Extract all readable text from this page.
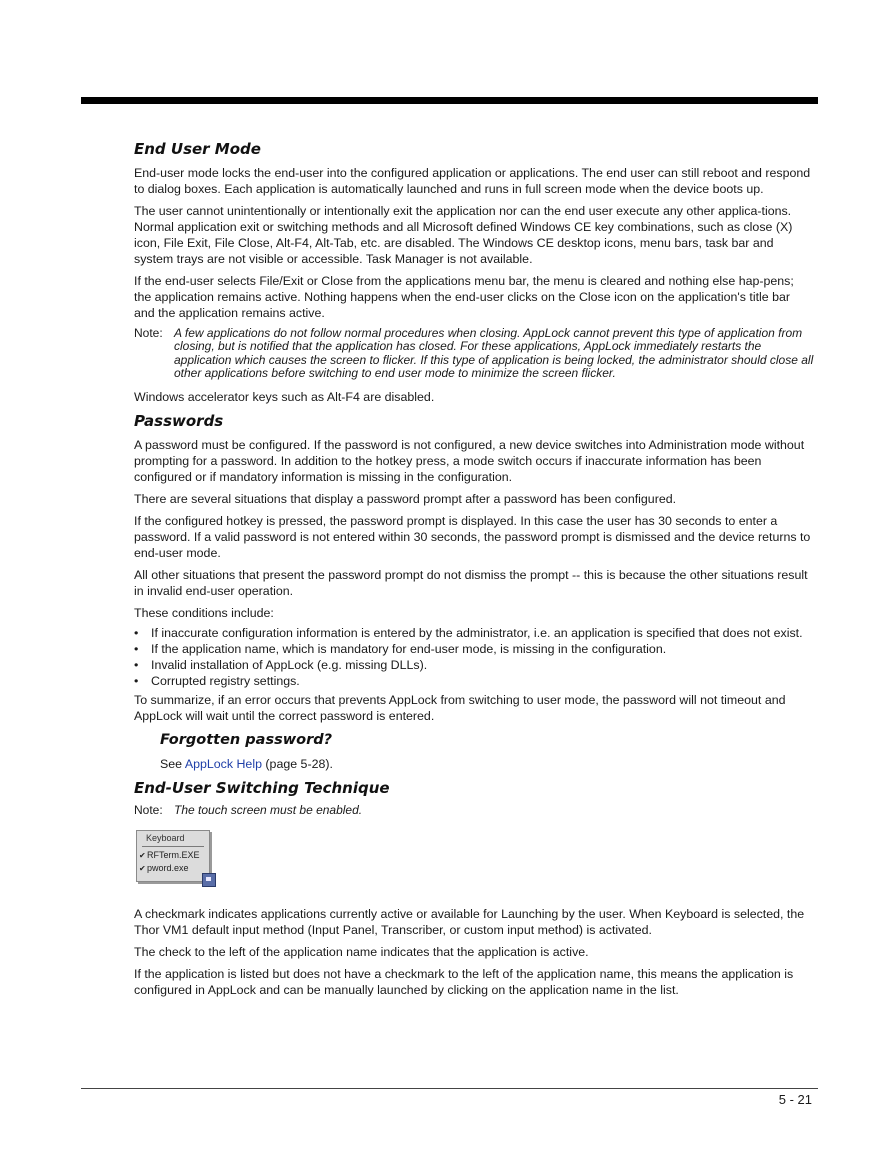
End User Mode

End-user mode locks the end-user into the configured application or applications. The end user can still reboot and respond to dialog boxes. Each application is automatically launched and runs in full screen mode when the device boots up.

The user cannot unintentionally or intentionally exit the application nor can the end user execute any other applica-tions. Normal application exit or switching methods and all Microsoft defined Windows CE key combinations, such as close (X) icon, File Exit, File Close, Alt-F4, Alt-Tab, etc. are disabled. The Windows CE desktop icons, menu bars, task bar and system trays are not visible or accessible. Task Manager is not available.

If the end-user selects File/Exit or Close from the applications menu bar, the menu is cleared and nothing else hap-pens; the application remains active. Nothing happens when the end-user clicks on the Close icon on the application's title bar and the application remains active.

Note: A few applications do not follow normal procedures when closing. AppLock cannot prevent this type of application from closing, but is notified that the application has closed. For these applications, AppLock immediately restarts the application which causes the screen to flicker. If this type of application is being locked, the administrator should close all other applications before switching to end user mode to minimize the screen flicker.

Windows accelerator keys such as Alt-F4 are disabled.

Passwords

A password must be configured. If the password is not configured, a new device switches into Administration mode without prompting for a password. In addition to the hotkey press, a mode switch occurs if inaccurate information has been configured or if mandatory information is missing in the configuration.

There are several situations that display a password prompt after a password has been configured.

If the configured hotkey is pressed, the password prompt is displayed. In this case the user has 30 seconds to enter a password. If a valid password is not entered within 30 seconds, the password prompt is dismissed and the device returns to end-user mode.

All other situations that present the password prompt do not dismiss the prompt -- this is because the other situations result in invalid end-user operation.

These conditions include:

• If inaccurate configuration information is entered by the administrator, i.e. an application is specified that does not exist.
• If the application name, which is mandatory for end-user mode, is missing in the configuration.
• Invalid installation of AppLock (e.g. missing DLLs).
• Corrupted registry settings.

To summarize, if an error occurs that prevents AppLock from switching to user mode, the password will not timeout and AppLock will wait until the correct password is entered.

Forgotten password?

See AppLock Help (page 5-28).

End-User Switching Technique
Note: The touch screen must be enabled.
Keyboard
✔RFTerm.EXE
✔pword.exe

A checkmark indicates applications currently active or available for Launching by the user. When Keyboard is selected, the Thor VM1 default input method (Input Panel, Transcriber, or custom input method) is activated.

The check to the left of the application name indicates that the application is active.

If the application is listed but does not have a checkmark to the left of the application name, this means the application is configured in AppLock and can be manually launched by clicking on the application name in the list.

5 - 21
